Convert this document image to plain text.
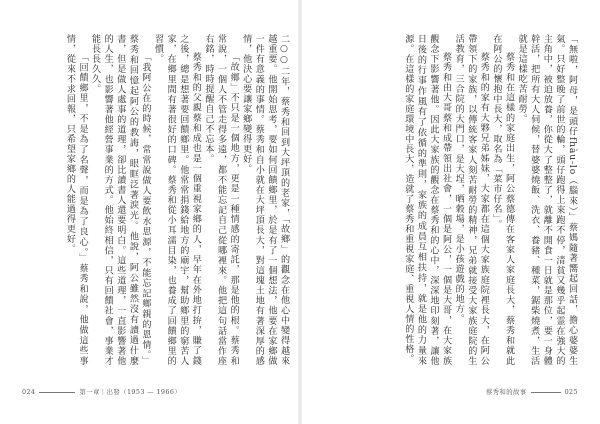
「無啦，阿母，是頭仔fhàu-lo（腦來）」蔡媽隨著嚮起回話，擔心婆婆生氣。只好整晚了前世的輪，頭仔跑得上來跑不停，清貧又幾乎起霊在強大的主角中，被迫放養，你從大了整整了，就離不開食一日就是那位，要一身體幹活，把所有大人伺候，替婆婆燒飯、洗衣、養豬、種菜，鋸柴燒煮，生活就是這樣吃苦耐勞。

蔡秀和在這樣的家庭出生，阿公蔡德傳在客家人家庭長大，蔡秀和就此在阿公的懷抱中長大，取名為「菜市仔名」。

蔡秀和的家有大夥兄弟姊妹，大家都在這個大家族庭院裡長大，在阿公帶領下的家族，以傳統客家人刻苦耐勞的精神，兄弟就接受大家族庭院的生活教育，三合院的大門口，是大埕，晒穀場，是小孩遊戲的地方。

蔡秀和由大哥蔡和成帶領出社會，一個是阿公，一個是大哥，在大家族觀念下影響著他。因此大家族的觀念在蔡秀和的心中，深深地印刻著，讓他日後的行事作風有了依循的準則，家族的成員互相扶持，就是他的力量來源。在這樣的家庭環境中長大，造就了蔡秀和重視家庭、重視人情的性格。

二○○二年，蔡秀和回到大坪頂的老家，「故鄉」的觀念在他心中變得越來越重要。他開始思考，要如何回饋鄉里，於是有了一個想法，他要在家鄉做一件有意義的事情。蔡秀和自小就在大坪頂長大，對這塊土地有著深厚的感情，他決心要讓家鄉變得更好。

「故鄉」不只是一個地方，更是一種情感的寄託，那是他的根。蔡秀和常說，一個人不管走得多遠，都不能忘記自己從哪裡來。他把這句話當作座右銘，時時提醒自己不忘本。

蔡秀和的父親蔡和成也是一個重視家鄉的人，早年在外地打拚，賺了錢之後，總是想著要回饋鄉里。他常常捐錢給地方的廟宇，幫助鄉里的窮苦人家，在鄉里間有著很好的口碑。蔡秀和從小耳濡目染，也養成了回饋鄉里的習慣。

「我阿公在的時候，常常說做人要飲水思源，不能忘記鄉親的恩情。」蔡秀和回憶起阿公的教誨，眼眶泛著淚光。他說，阿公雖然沒有讀過什麼書，但是做人處事的道理，卻比讀書人還要明白。這些道理，一直影響著他的人生，也影響著他經營事業的方式。他始終相信，只有回饋社會，事業才能長長久久。

「回饋鄉里，不是為了名聲，而是為了良心。」蔡秀和說，他做這些事情，從來不求回報，只希望家鄉的人能過得更好。

024	第一章｜出發（1953 — 1966）	蔡秀和的故事	025
